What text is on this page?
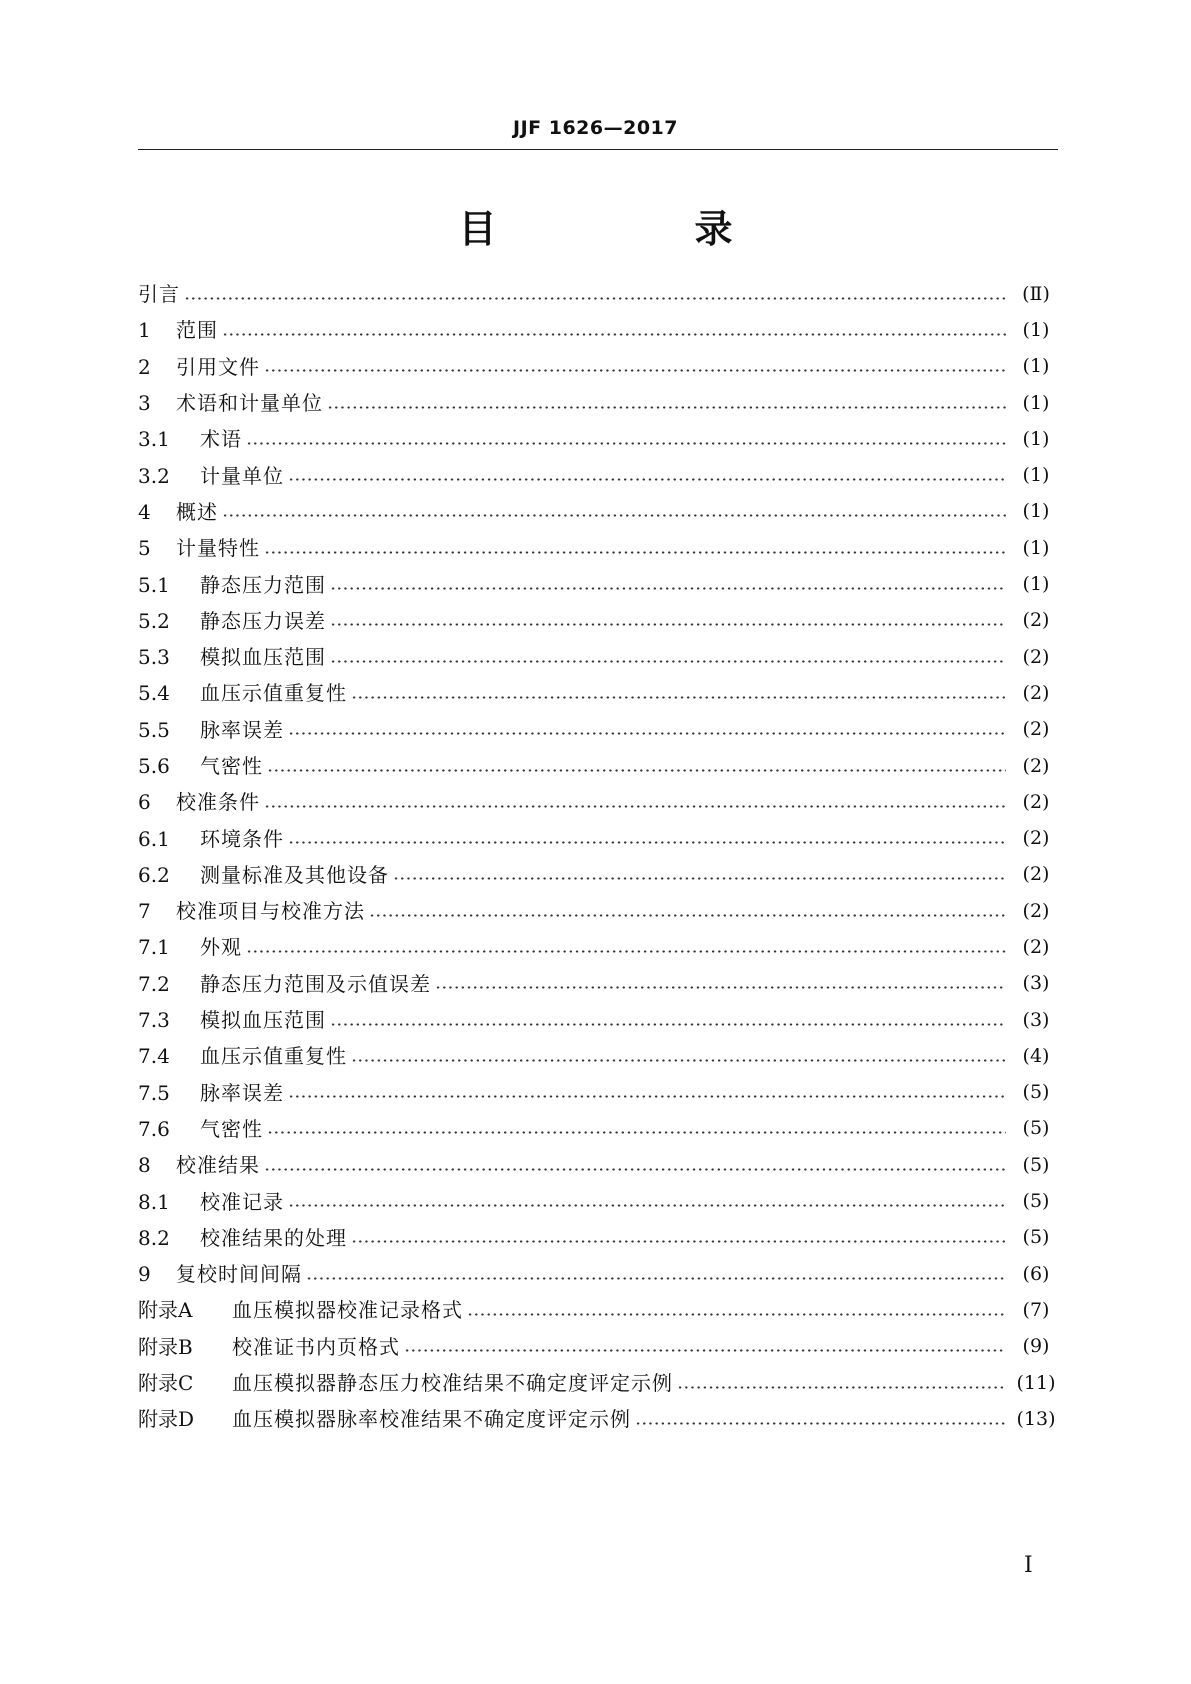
JJF 1626—2017
目　录
引言	(Ⅱ)
1	范围	(1)
2	引用文件	(1)
3	术语和计量单位	(1)
3.1	术语	(1)
3.2	计量单位	(1)
4	概述	(1)
5	计量特性	(1)
5.1	静态压力范围	(1)
5.2	静态压力误差	(2)
5.3	模拟血压范围	(2)
5.4	血压示值重复性	(2)
5.5	脉率误差	(2)
5.6	气密性	(2)
6	校准条件	(2)
6.1	环境条件	(2)
6.2	测量标准及其他设备	(2)
7	校准项目与校准方法	(2)
7.1	外观	(2)
7.2	静态压力范围及示值误差	(3)
7.3	模拟血压范围	(3)
7.4	血压示值重复性	(4)
7.5	脉率误差	(5)
7.6	气密性	(5)
8	校准结果	(5)
8.1	校准记录	(5)
8.2	校准结果的处理	(5)
9	复校时间间隔	(6)
附录A	血压模拟器校准记录格式	(7)
附录B	校准证书内页格式	(9)
附录C	血压模拟器静态压力校准结果不确定度评定示例	(11)
附录D	血压模拟器脉率校准结果不确定度评定示例	(13)
I
